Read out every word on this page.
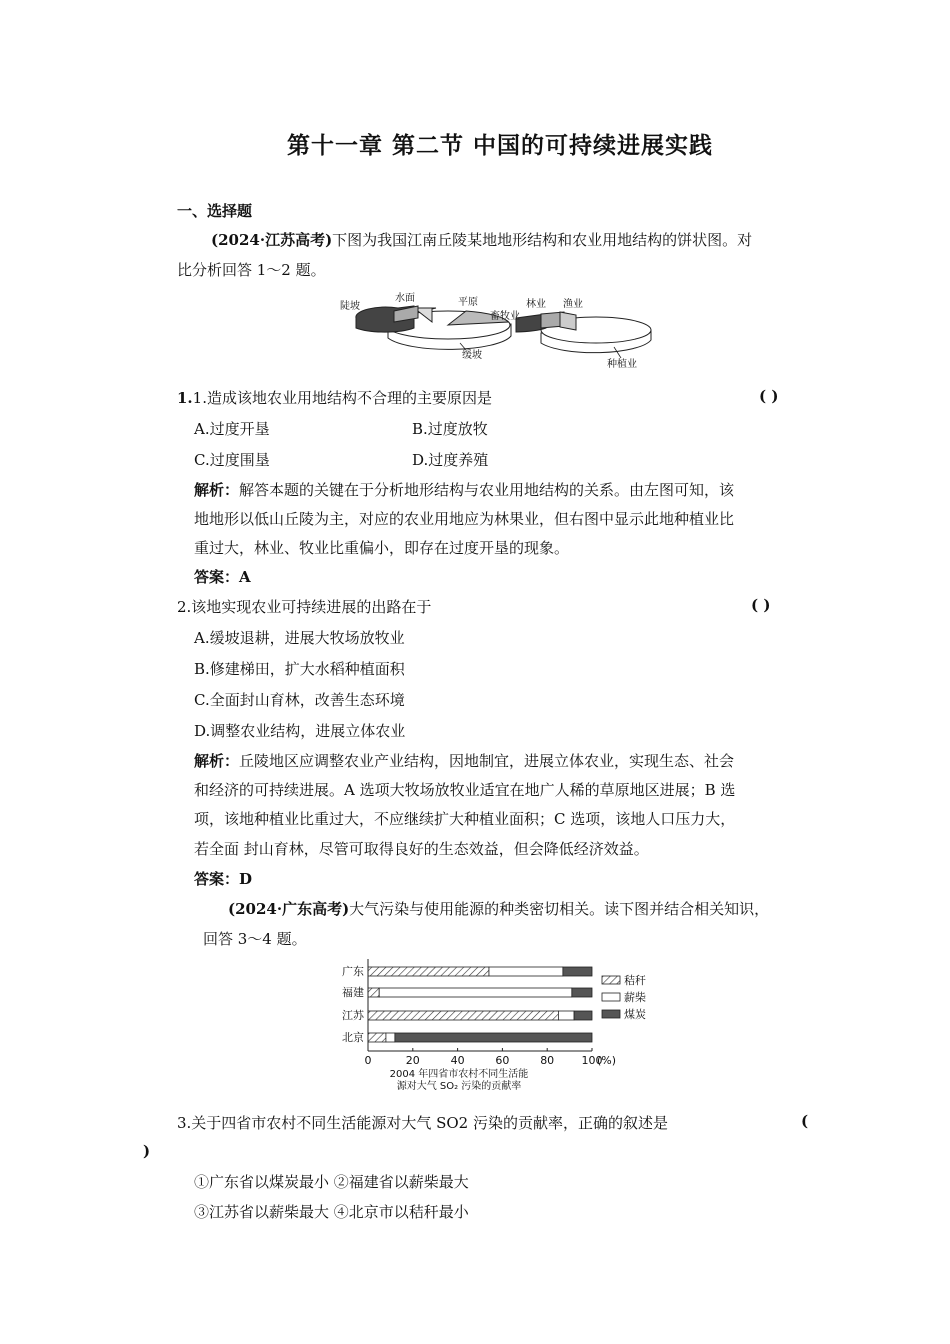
第十一章 第二节 中国的可持续进展实践
一、选择题
(2024·江苏高考)下图为我国江南丘陵某地地形结构和农业用地结构的饼状图。对
比分析回答 1～2 题。
陡坡
水面	平原
缓坡
畜牧业
林业 渔业
种植业
1.1.造成该地农业用地结构不合理的主要原因是	( )
A.过度开垦	B.过度放牧
C.过度围垦	D.过度养殖
解析：解答本题的关键在于分析地形结构与农业用地结构的关系。由左图可知，该
地地形以低山丘陵为主，对应的农业用地应为林果业，但右图中显示此地种植业比
重过大，林业、牧业比重偏小，即存在过度开垦的现象。
答案：A
2.该地实现农业可持续进展的出路在于	( )
A.缓坡退耕，进展大牧场放牧业
B.修建梯田，扩大水稻种植面积
C.全面封山育林，改善生态环境
D.调整农业结构，进展立体农业
解析：丘陵地区应调整农业产业结构，因地制宜，进展立体农业，实现生态、社会
和经济的可持续进展。A 选项大牧场放牧业适宜在地广人稀的草原地区进展；B 选
项，该地种植业比重过大，不应继续扩大种植业面积；C 选项，该地人口压力大，
若全面 封山育林，尽管可取得良好的生态效益，但会降低经济效益。
答案：D
(2024·广东高考)大气污染与使用能源的种类密切相关。读下图并结合相关知识，
回答 3～4 题。
广东
福建
江苏
北京
0	20	40	60	80 100
(%)
秸秆
薪柴
煤炭
2004 年四省市农村不同生活能
源对大气 SO₂ 污染的贡献率
3.关于四省市农村不同生活能源对大气 SO2 污染的贡献率，正确的叙述是	(
)
①广东省以煤炭最小 ②福建省以薪柴最大
③江苏省以薪柴最大 ④北京市以秸秆最小
